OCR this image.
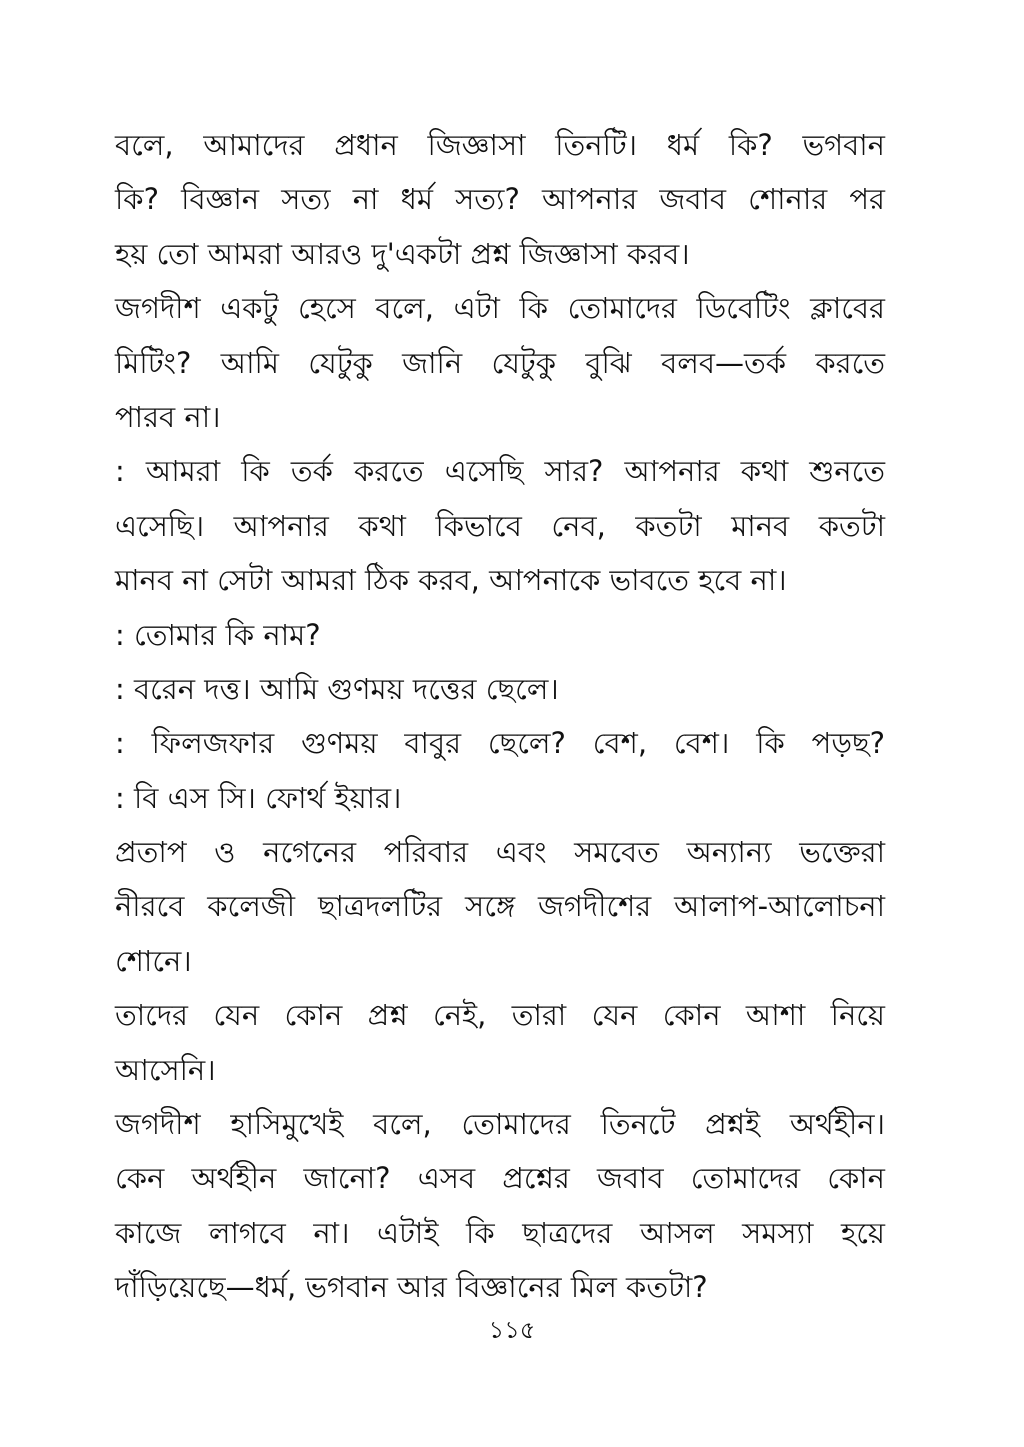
বলে, আমাদের প্রধান জিজ্ঞাসা তিনটি। ধর্ম কি? ভগবান
কি? বিজ্ঞান সত্য না ধর্ম সত্য? আপনার জবাব শোনার পর
হয় তো আমরা আরও দু'একটা প্রশ্ন জিজ্ঞাসা করব।
জগদীশ একটু হেসে বলে, এটা কি তোমাদের ডিবেটিং ক্লাবের
মিটিং? আমি যেটুকু জানি যেটুকু বুঝি বলব—তর্ক করতে
পারব না।
: আমরা কি তর্ক করতে এসেছি সার? আপনার কথা শুনতে
এসেছি। আপনার কথা কিভাবে নেব, কতটা মানব কতটা
মানব না সেটা আমরা ঠিক করব, আপনাকে ভাবতে হবে না।
: তোমার কি নাম?
: বরেন দত্ত। আমি গুণময় দত্তের ছেলে।
: ফিলজফার গুণময় বাবুর ছেলে? বেশ, বেশ। কি পড়ছ?
: বি এস সি। ফোর্থ ইয়ার।
প্রতাপ ও নগেনের পরিবার এবং সমবেত অন্যান্য ভক্তেরা
নীরবে কলেজী ছাত্রদলটির সঙ্গে জগদীশের আলাপ-আলোচনা
শোনে।
তাদের যেন কোন প্রশ্ন নেই, তারা যেন কোন আশা নিয়ে
আসেনি।
জগদীশ হাসিমুখেই বলে, তোমাদের তিনটে প্রশ্নই অর্থহীন।
কেন অর্থহীন জানো? এসব প্রশ্নের জবাব তোমাদের কোন
কাজে লাগবে না। এটাই কি ছাত্রদের আসল সমস্যা হয়ে
দাঁড়িয়েছে—ধর্ম, ভগবান আর বিজ্ঞানের মিল কতটা?
১১৫
